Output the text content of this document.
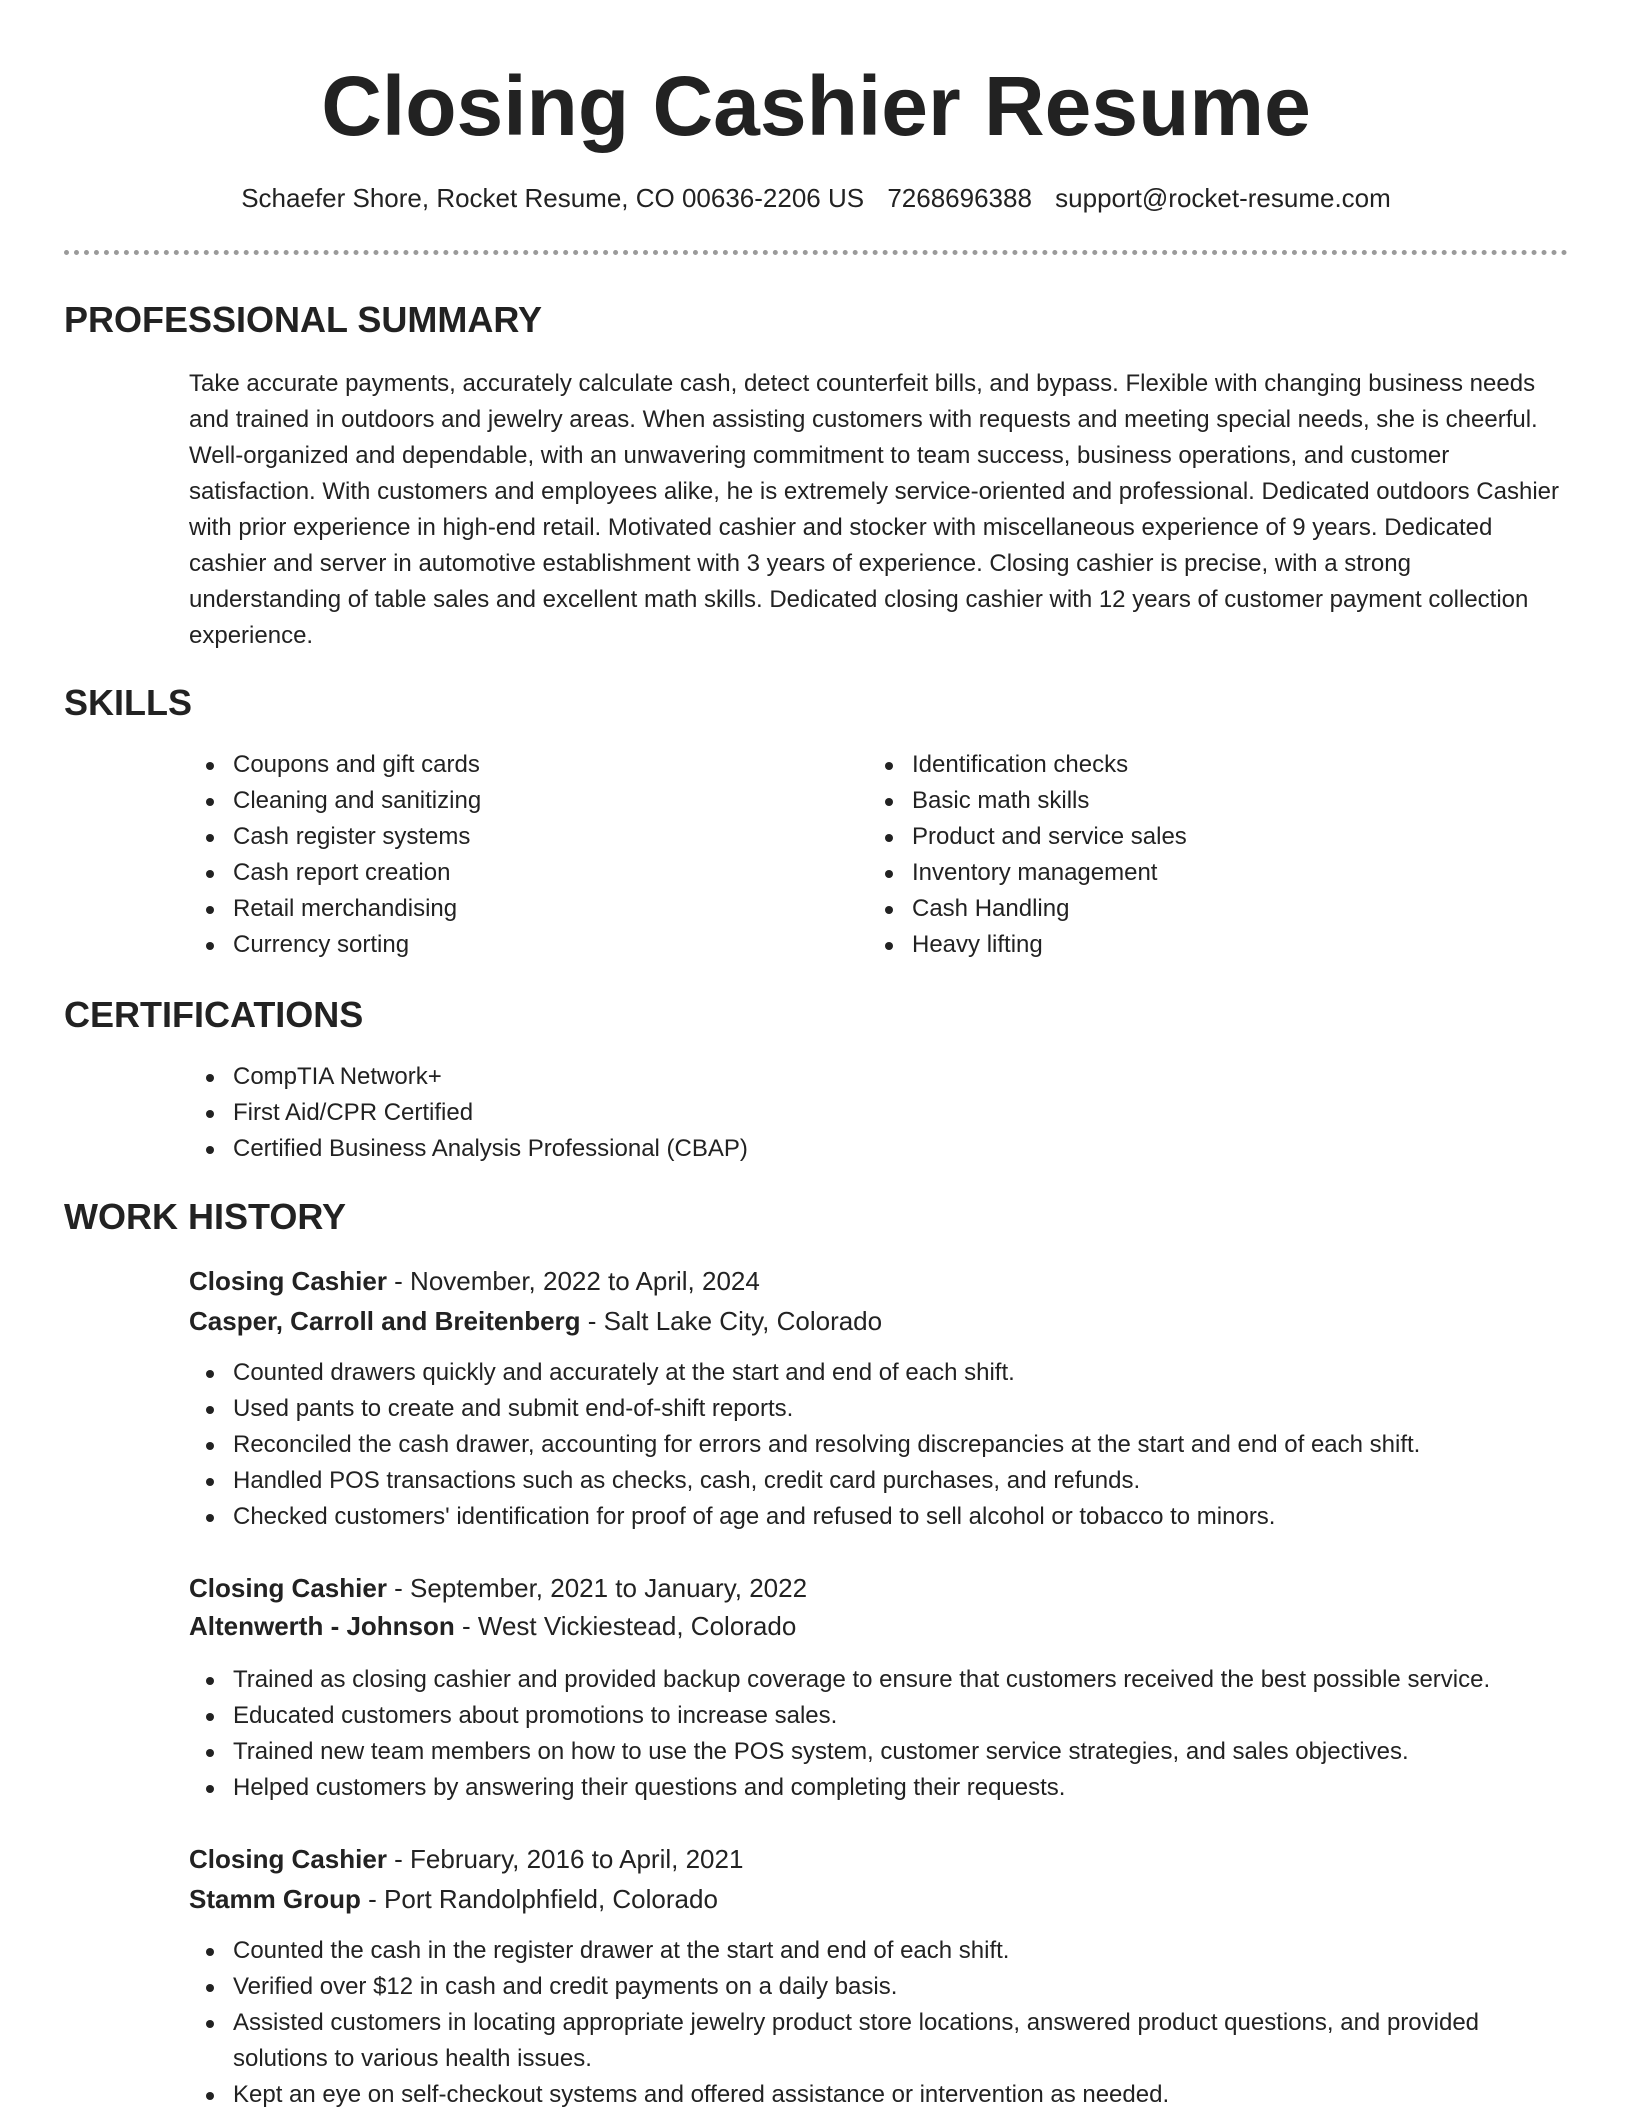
Closing Cashier Resume
Schaefer Shore, Rocket Resume, CO 00636-2206 US 7268696388 support@rocket-resume.com
PROFESSIONAL SUMMARY

Take accurate payments, accurately calculate cash, detect counterfeit bills, and bypass. Flexible with changing business needs and trained in outdoors and jewelry areas. When assisting customers with requests and meeting special needs, she is cheerful. Well-organized and dependable, with an unwavering commitment to team success, business operations, and customer satisfaction. With customers and employees alike, he is extremely service-oriented and professional. Dedicated outdoors Cashier with prior experience in high-end retail. Motivated cashier and stocker with miscellaneous experience of 9 years. Dedicated cashier and server in automotive establishment with 3 years of experience. Closing cashier is precise, with a strong understanding of table sales and excellent math skills. Dedicated closing cashier with 12 years of customer payment collection experience.

SKILLS
Coupons and gift cards
Cleaning and sanitizing
Cash register systems
Cash report creation
Retail merchandising
Currency sorting
Identification checks
Basic math skills
Product and service sales
Inventory management
Cash Handling
Heavy lifting
CERTIFICATIONS
CompTIA Network+
First Aid/CPR Certified
Certified Business Analysis Professional (CBAP)
WORK HISTORY
Closing Cashier - November, 2022 to April, 2024
Casper, Carroll and Breitenberg - Salt Lake City, Colorado
Counted drawers quickly and accurately at the start and end of each shift.
Used pants to create and submit end-of-shift reports.
Reconciled the cash drawer, accounting for errors and resolving discrepancies at the start and end of each shift.
Handled POS transactions such as checks, cash, credit card purchases, and refunds.
Checked customers' identification for proof of age and refused to sell alcohol or tobacco to minors.
Closing Cashier - September, 2021 to January, 2022
Altenwerth - Johnson - West Vickiestead, Colorado
Trained as closing cashier and provided backup coverage to ensure that customers received the best possible service.
Educated customers about promotions to increase sales.
Trained new team members on how to use the POS system, customer service strategies, and sales objectives.
Helped customers by answering their questions and completing their requests.
Closing Cashier - February, 2016 to April, 2021
Stamm Group - Port Randolphfield, Colorado
Counted the cash in the register drawer at the start and end of each shift.
Verified over $12 in cash and credit payments on a daily basis.
Assisted customers in locating appropriate jewelry product store locations, answered product questions, and provided solutions to various health issues.
Kept an eye on self-checkout systems and offered assistance or intervention as needed.
